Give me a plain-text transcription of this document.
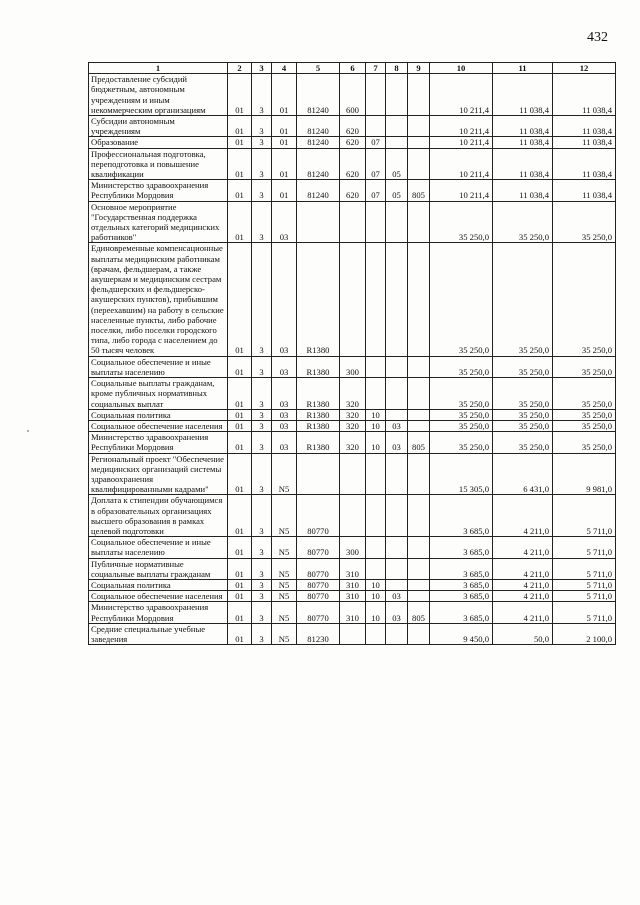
432
1	2	3	4	5	6	7	8	9	10	11	12
Предоставление субсидий бюджетным, автономным учреждениям и иным некоммерческим организациям	01	3	01	81240	600				10 211,4	11 038,4	11 038,4
Субсидии автономным учреждениям	01	3	01	81240	620				10 211,4	11 038,4	11 038,4
Образование	01	3	01	81240	620	07			10 211,4	11 038,4	11 038,4
Профессиональная подготовка, переподготовка и повышение квалификации	01	3	01	81240	620	07	05		10 211,4	11 038,4	11 038,4
Министерство здравоохранения Республики Мордовия	01	3	01	81240	620	07	05	805	10 211,4	11 038,4	11 038,4
Основное мероприятие "Государственная поддержка отдельных категорий медицинских работников"	01	3	03						35 250,0	35 250,0	35 250,0
Единовременные компенсационные выплаты медицинским работникам (врачам, фельдшерам, а также акушеркам и медицинским сестрам фельдшерских и фельдшерско-акушерских пунктов), прибывшим (переехавшим) на работу в сельские населенные пункты, либо рабочие поселки, либо поселки городского типа, либо города с населением до 50 тысяч человек	01	3	03	R1380					35 250,0	35 250,0	35 250,0
Социальное обеспечение и иные выплаты населению	01	3	03	R1380	300				35 250,0	35 250,0	35 250,0
Социальные выплаты гражданам, кроме публичных нормативных социальных выплат	01	3	03	R1380	320				35 250,0	35 250,0	35 250,0
Социальная политика	01	3	03	R1380	320	10			35 250,0	35 250,0	35 250,0
Социальное обеспечение населения	01	3	03	R1380	320	10	03		35 250,0	35 250,0	35 250,0
Министерство здравоохранения Республики Мордовия	01	3	03	R1380	320	10	03	805	35 250,0	35 250,0	35 250,0
Региональный проект "Обеспечение медицинских организаций системы здравоохранения квалифицированными кадрами"	01	3	N5						15 305,0	6 431,0	9 981,0
Доплата к стипендии обучающимся в образовательных организациях высшего образования в рамках целевой подготовки	01	3	N5	80770					3 685,0	4 211,0	5 711,0
Социальное обеспечение и иные выплаты населению	01	3	N5	80770	300				3 685,0	4 211,0	5 711,0
Публичные нормативные социальные выплаты гражданам	01	3	N5	80770	310				3 685,0	4 211,0	5 711,0
Социальная политика	01	3	N5	80770	310	10			3 685,0	4 211,0	5 711,0
Социальное обеспечение населения	01	3	N5	80770	310	10	03		3 685,0	4 211,0	5 711,0
Министерство здравоохранения Республики Мордовия	01	3	N5	80770	310	10	03	805	3 685,0	4 211,0	5 711,0
Средние специальные учебные заведения	01	3	N5	81230					9 450,0	50,0	2 100,0
